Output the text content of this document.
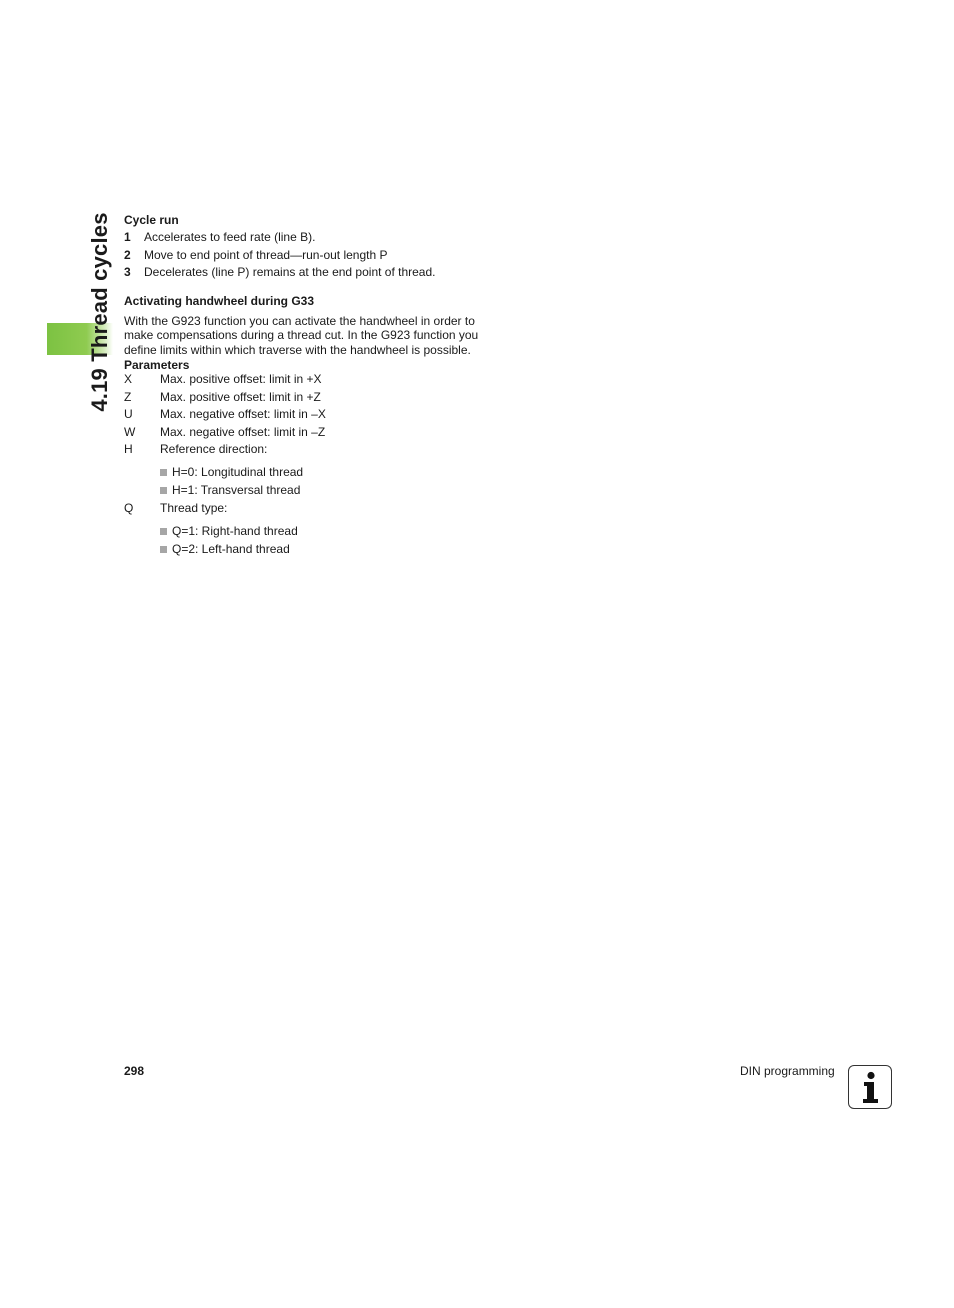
4.19 Thread cycles Cycle run
1	Accelerates to feed rate (line B).
2	Move to end point of thread—run-out length P
3	Decelerates (line P) remains at the end point of thread.
Activating handwheel during G33
With the G923 function you can activate the handwheel in order to
make compensations during a thread cut. In the G923 function you
define limits within which traverse with the handwheel is possible.
Parameters
X	Max. positive offset: limit in +X
Z	Max. positive offset: limit in +Z
U	Max. negative offset: limit in –X
W	Max. negative offset: limit in –Z
H	Reference direction:
H=0: Longitudinal thread
H=1: Transversal thread
Q	Thread type:
Q=1: Right-hand thread
Q=2: Left-hand thread
298	DIN programming
